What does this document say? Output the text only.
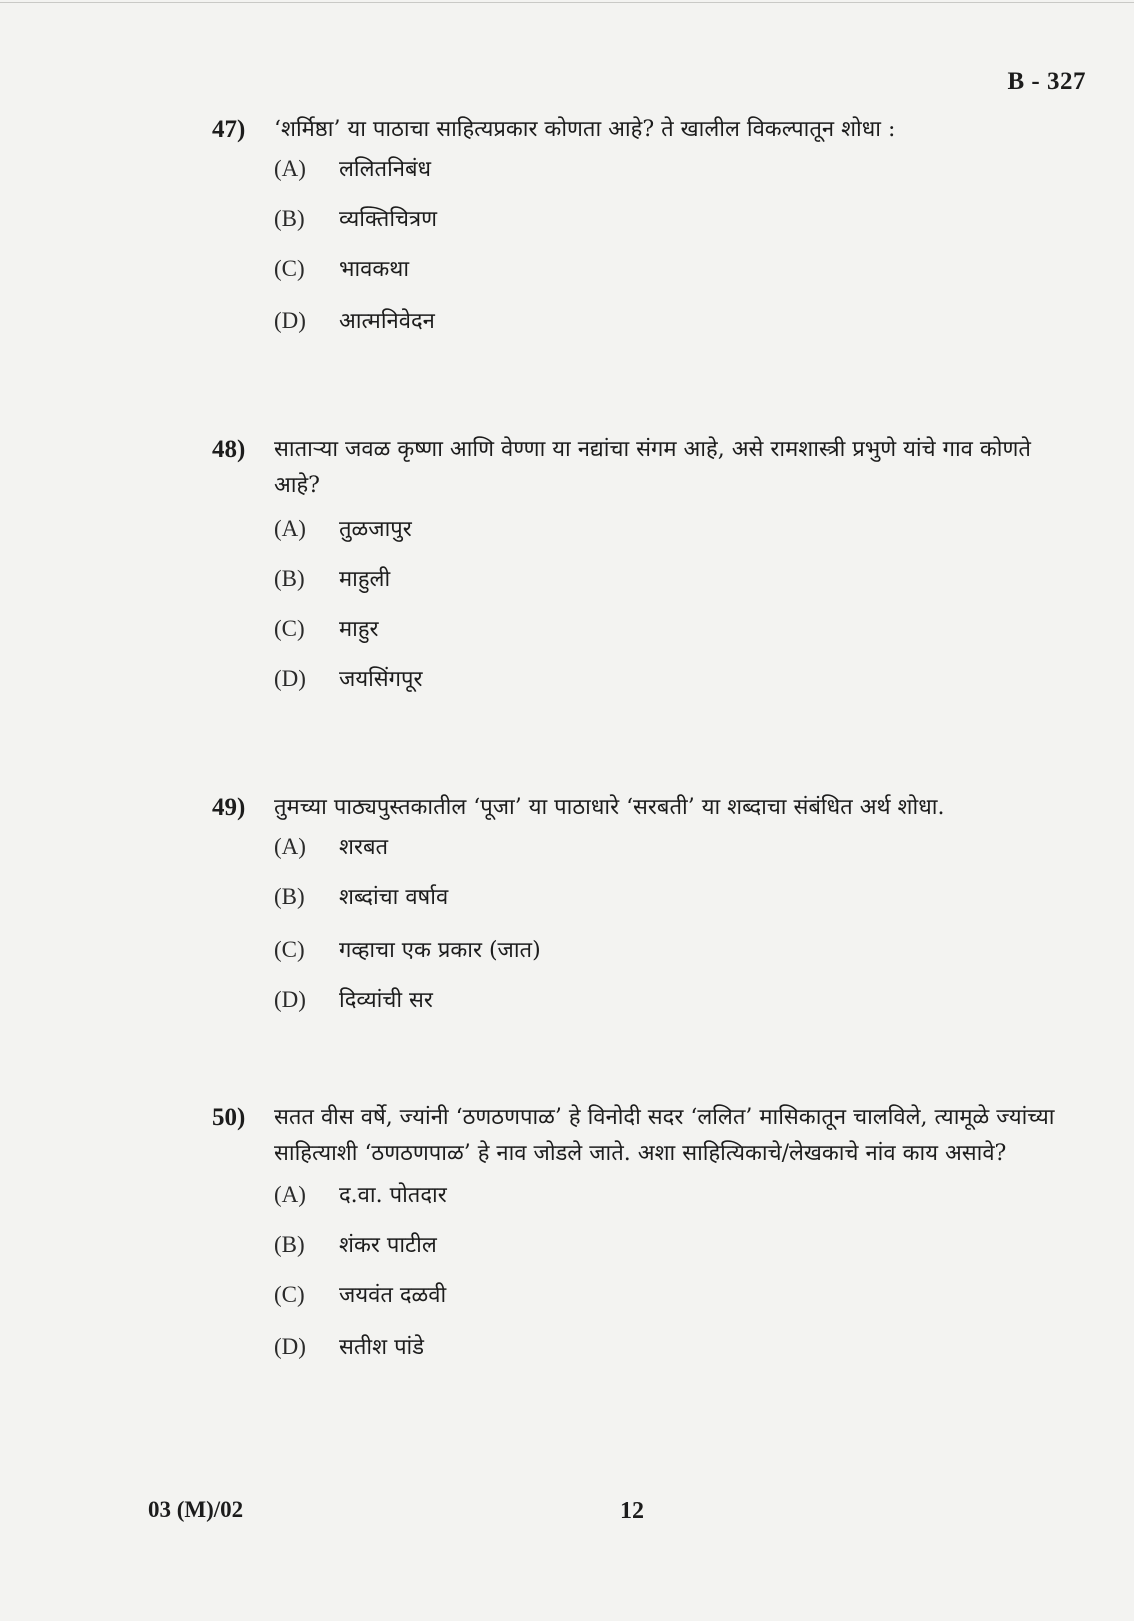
B - 327
47) ‘शर्मिष्ठा’ या पाठाचा साहित्यप्रकार कोणता आहे? ते खालील विकल्पातून शोधा :
(A) ललितनिबंध
(B) व्यक्तिचित्रण
(C) भावकथा
(D) आत्मनिवेदन
48) साताऱ्या जवळ कृष्णा आणि वेण्णा या नद्यांचा संगम आहे, असे रामशास्त्री प्रभुणे यांचे गाव कोणते आहे?
(A) तुळजापुर
(B) माहुली
(C) माहुर
(D) जयसिंगपूर
49) तुमच्या पाठ्यपुस्तकातील ‘पूजा’ या पाठाधारे ‘सरबती’ या शब्दाचा संबंधित अर्थ शोधा.
(A) शरबत
(B) शब्दांचा वर्षाव
(C) गव्हाचा एक प्रकार (जात)
(D) दिव्यांची सर
50) सतत वीस वर्षे, ज्यांनी ‘ठणठणपाळ’ हे विनोदी सदर ‘ललित’ मासिकातून चालविले, त्यामूळे ज्यांच्या साहित्याशी ‘ठणठणपाळ’ हे नाव जोडले जाते. अशा साहित्यिकाचे/लेखकाचे नांव काय असावे?
(A) द.वा. पोतदार
(B) शंकर पाटील
(C) जयवंत दळवी
(D) सतीश पांडे
03 (M)/02	12
